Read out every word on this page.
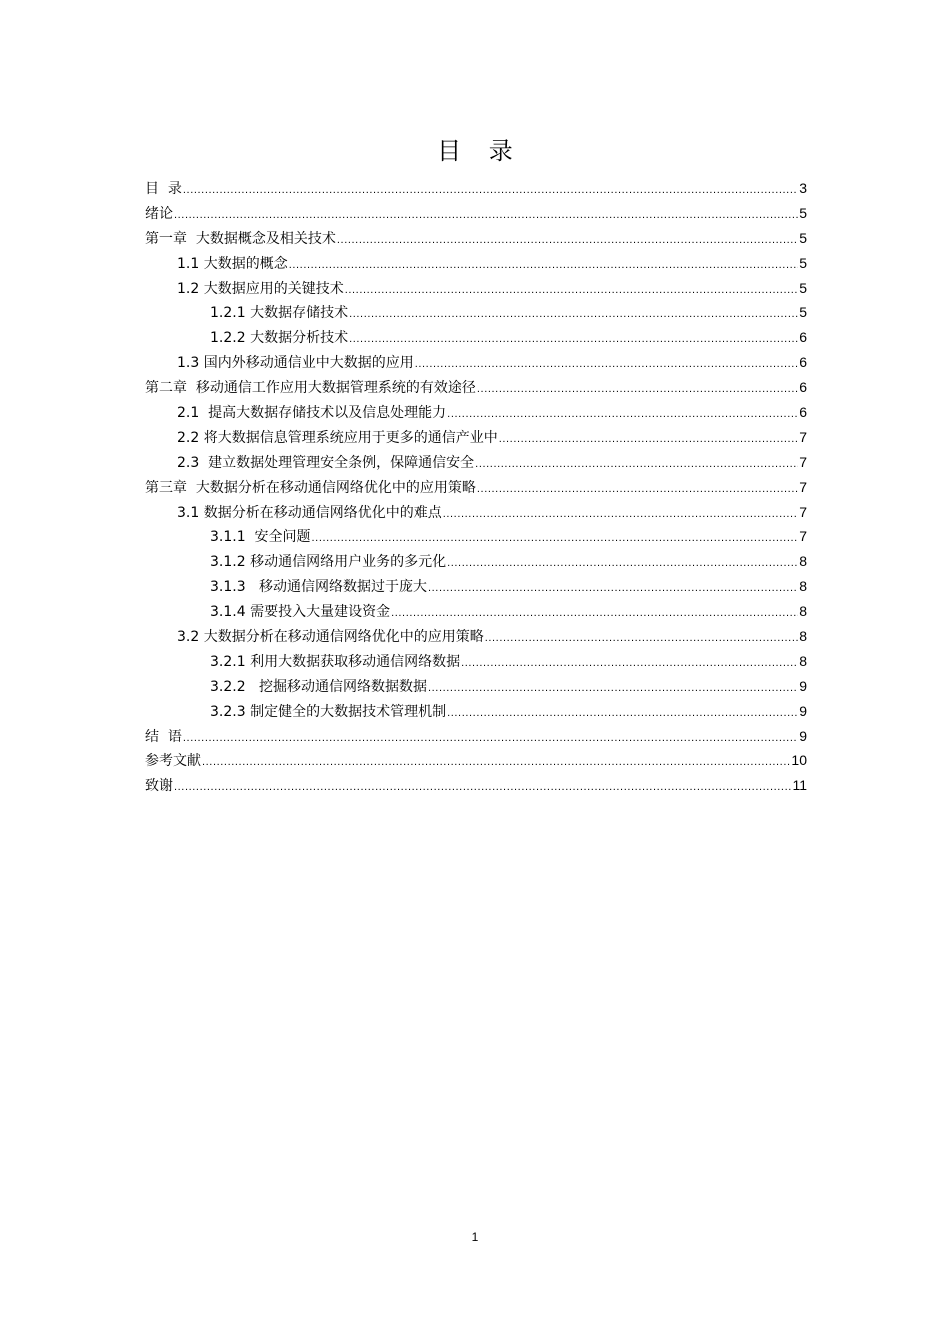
目 录
目  录 .....	3
绪论 .....	5
第一章  大数据概念及相关技术 .....	5
1.1 大数据的概念 .....	5
1.2 大数据应用的关键技术 .....	5
1.2.1 大数据存储技术 .....	5
1.2.2 大数据分析技术 .....	6
1.3 国内外移动通信业中大数据的应用 .....	6
第二章  移动通信工作应用大数据管理系统的有效途径 .....	6
2.1  提高大数据存储技术以及信息处理能力 .....	6
2.2 将大数据信息管理系统应用于更多的通信产业中 .....	7
2.3  建立数据处理管理安全条例，保障通信安全 .....	7
第三章  大数据分析在移动通信网络优化中的应用策略 .....	7
3.1 数据分析在移动通信网络优化中的难点 .....	7
3.1.1  安全问题 .....	7
3.1.2 移动通信网络用户业务的多元化 .....	8
3.1.3   移动通信网络数据过于庞大 .....	8
3.1.4 需要投入大量建设资金 .....	8
3.2 大数据分析在移动通信网络优化中的应用策略 .....	8
3.2.1 利用大数据获取移动通信网络数据 .....	8
3.2.2   挖掘移动通信网络数据数据 .....	9
3.2.3 制定健全的大数据技术管理机制 .....	9
结  语 .....	9
参考文献 .....	10
致谢 .....	11
1
